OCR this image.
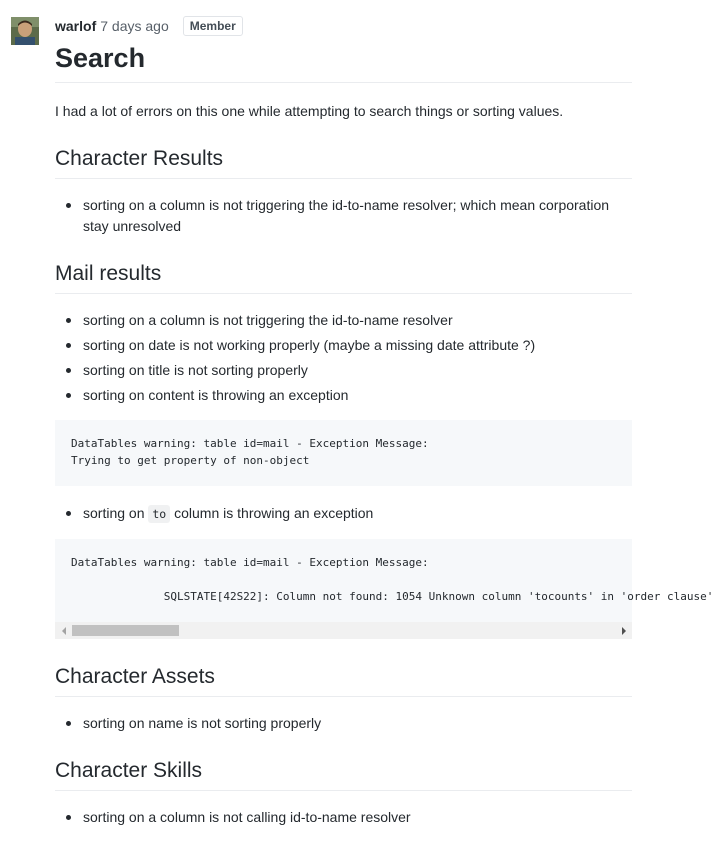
warlof 7 days ago	Member
Search

I had a lot of errors on this one while attempting to search things or sorting values.

Character Results
sorting on a column is not triggering the id-to-name resolver; which mean corporation stay unresolved
Mail results
sorting on a column is not triggering the id-to-name resolver
sorting on date is not working properly (maybe a missing date attribute ?)
sorting on title is not sorting properly
sorting on content is throwing an exception
DataTables warning: table id=mail - Exception Message:
Trying to get property of non-object
sorting on to column is throwing an exception
DataTables warning: table id=mail - Exception Message:

SQLSTATE[42S22]: Column not found: 1054 Unknown column 'tocounts' in 'order clause'
Character Assets
sorting on name is not sorting properly
Character Skills
sorting on a column is not calling id-to-name resolver
